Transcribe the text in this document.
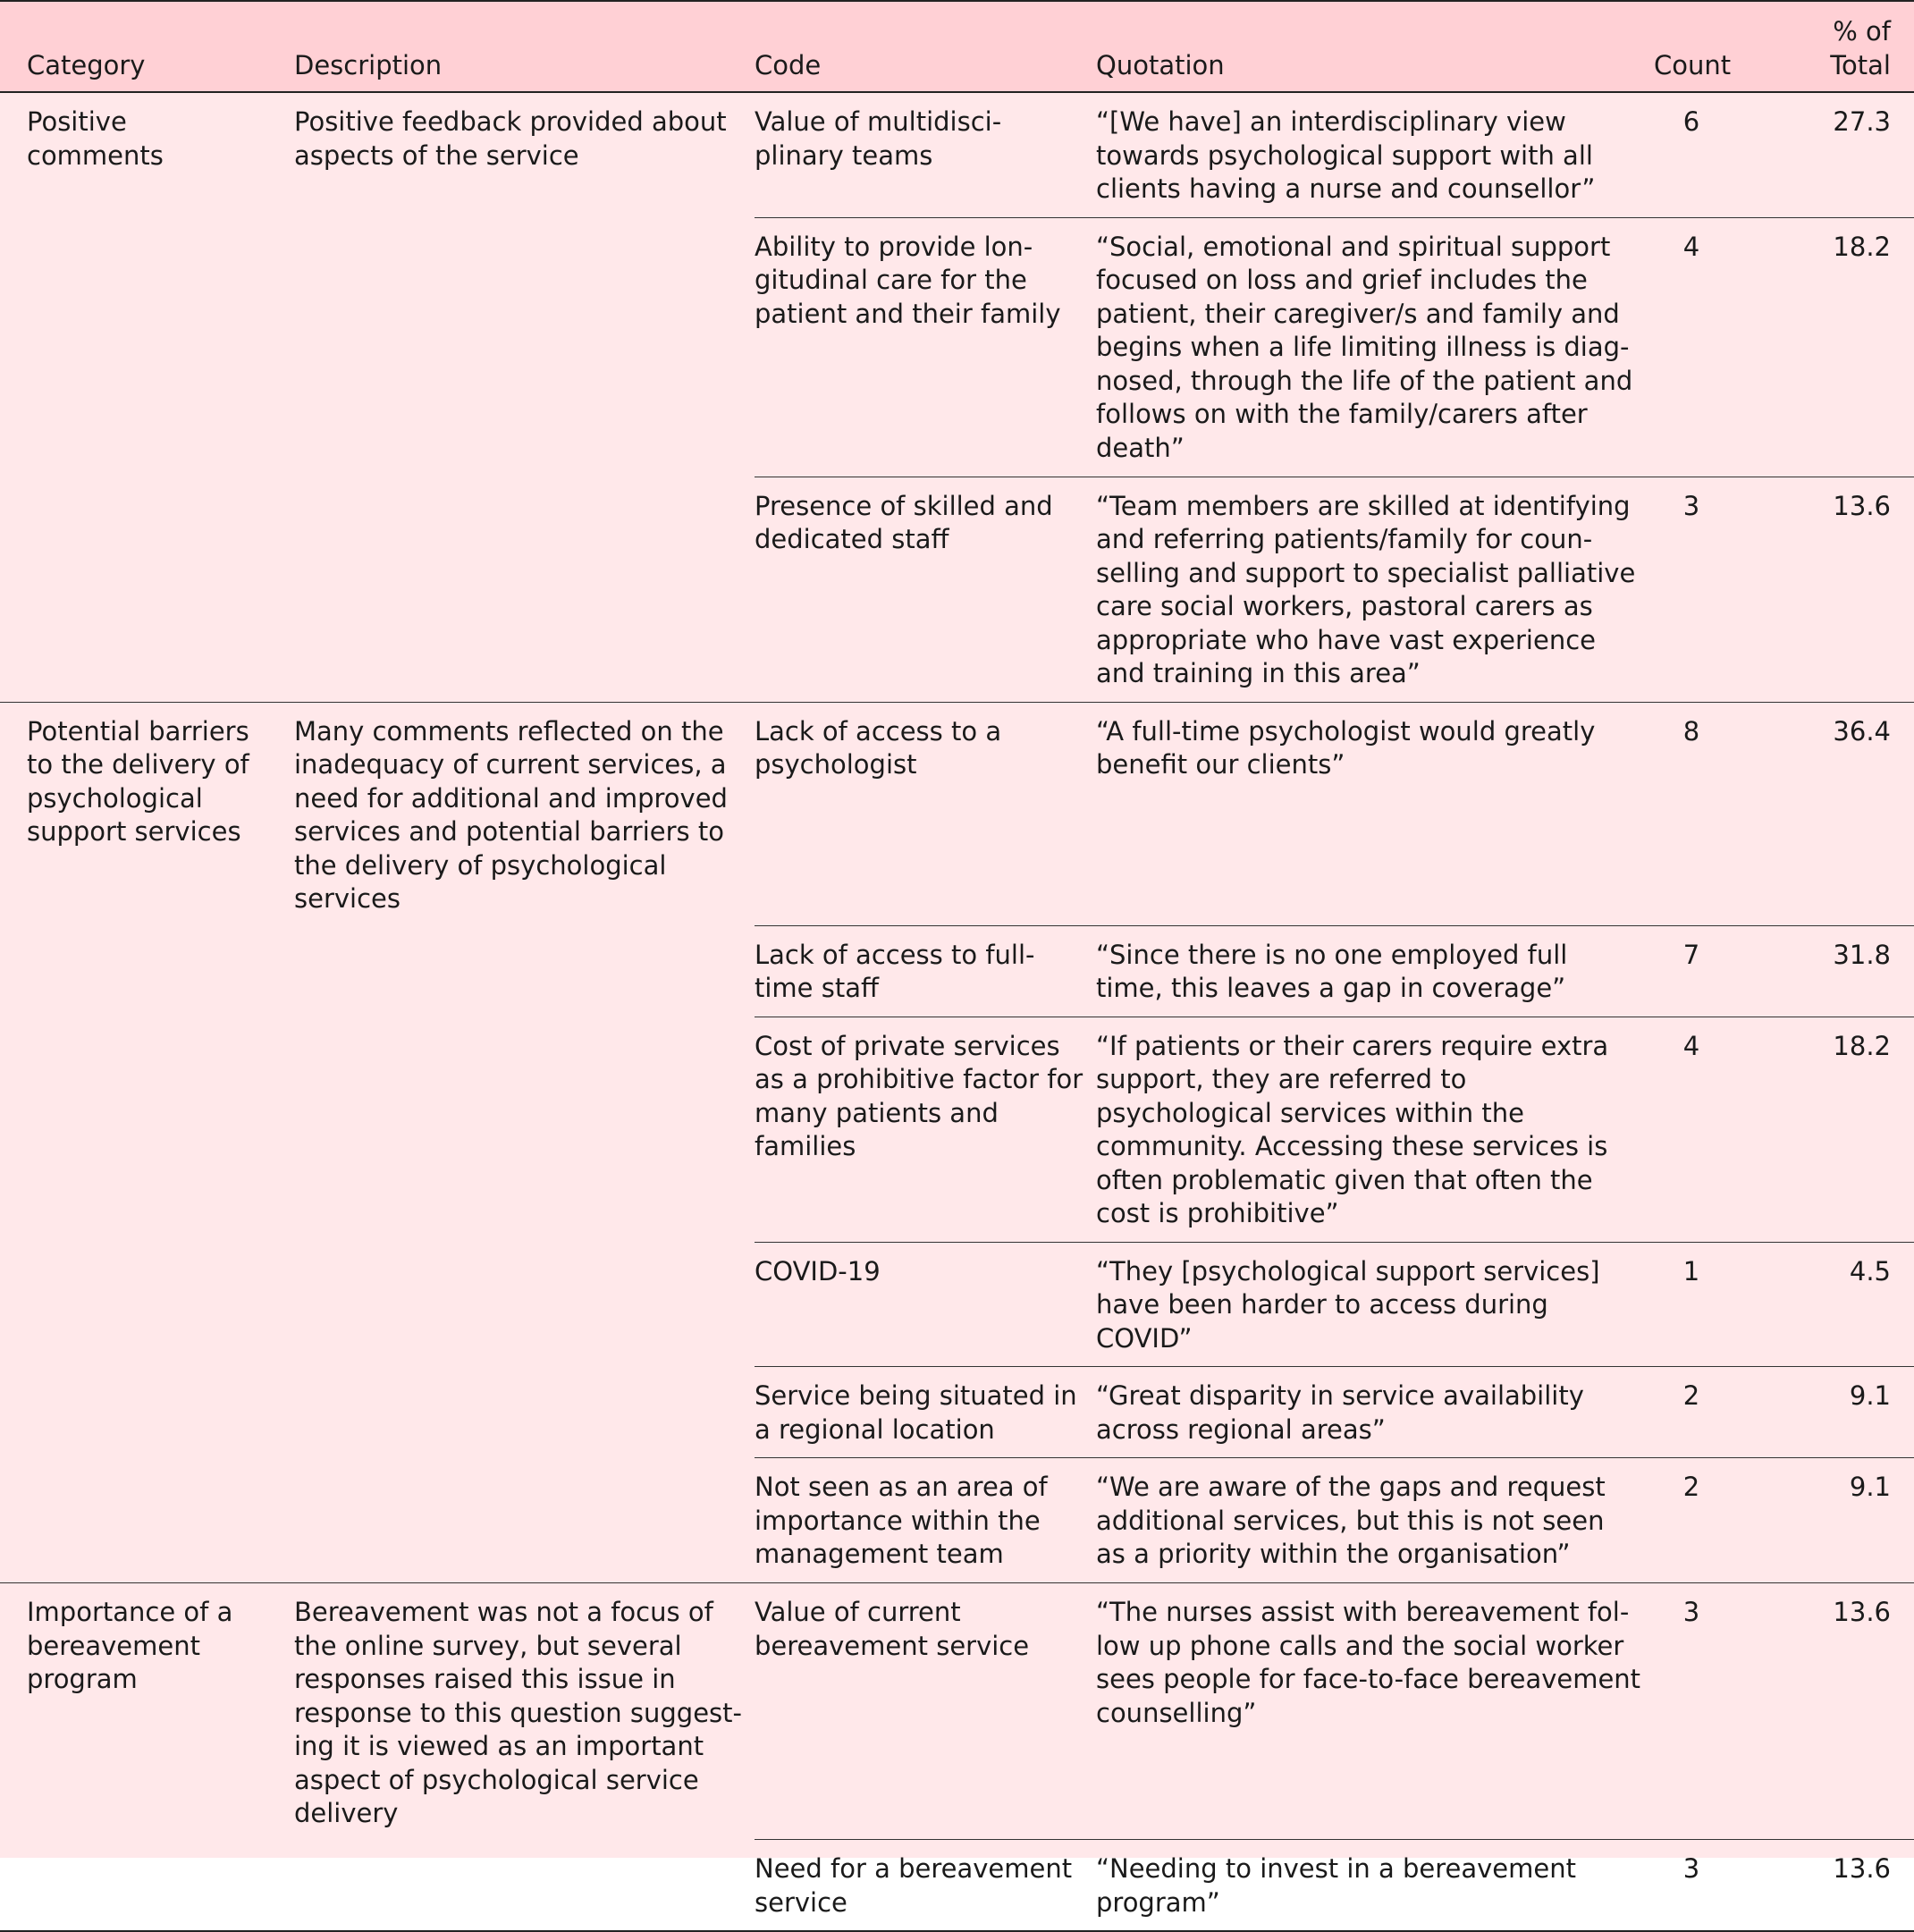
Category	Description	Code	Quotation	Count	% of
Total
Positive comments	Positive feedback provided about aspects of the service	Value of multidisci-plinary teams	“[We have] an interdisciplinary view towards psychological support with all clients having a nurse and counsellor”	6	27.3
		Ability to provide lon-gitudinal care for the patient and their family	“Social, emotional and spiritual support focused on loss and grief includes the patient, their caregiver/s and family and begins when a life limiting illness is diag-nosed, through the life of the patient and follows on with the family/carers after death”	4	18.2
		Presence of skilled and dedicated staff	“Team members are skilled at identifying and referring patients/family for coun-selling and support to specialist palliative care social workers, pastoral carers as appropriate who have vast experience and training in this area”	3	13.6
Potential barriers to the delivery of psychological support services	Many comments reflected on the inadequacy of current services, a need for additional and improved services and potential barriers to the delivery of psychological services	Lack of access to a psychologist	“A full-time psychologist would greatly benefit our clients”	8	36.4
		Lack of access to full-time staff	“Since there is no one employed full time, this leaves a gap in coverage”	7	31.8
		Cost of private services as a prohibitive factor for many patients and families	“If patients or their carers require extra support, they are referred to psychological services within the community. Accessing these services is often problematic given that often the cost is prohibitive”	4	18.2
		COVID-19	“They [psychological support services] have been harder to access during COVID”	1	4.5
		Service being situated in a regional location	“Great disparity in service availability across regional areas”	2	9.1
		Not seen as an area of importance within the management team	“We are aware of the gaps and request additional services, but this is not seen as a priority within the organisation”	2	9.1
Importance of a bereavement program	Bereavement was not a focus of the online survey, but several responses raised this issue in response to this question suggest-ing it is viewed as an important aspect of psychological service delivery	Value of current bereavement service	“The nurses assist with bereavement fol-low up phone calls and the social worker sees people for face-to-face bereavement counselling”	3	13.6
		Need for a bereavement service	“Needing to invest in a bereavement program”	3	13.6
